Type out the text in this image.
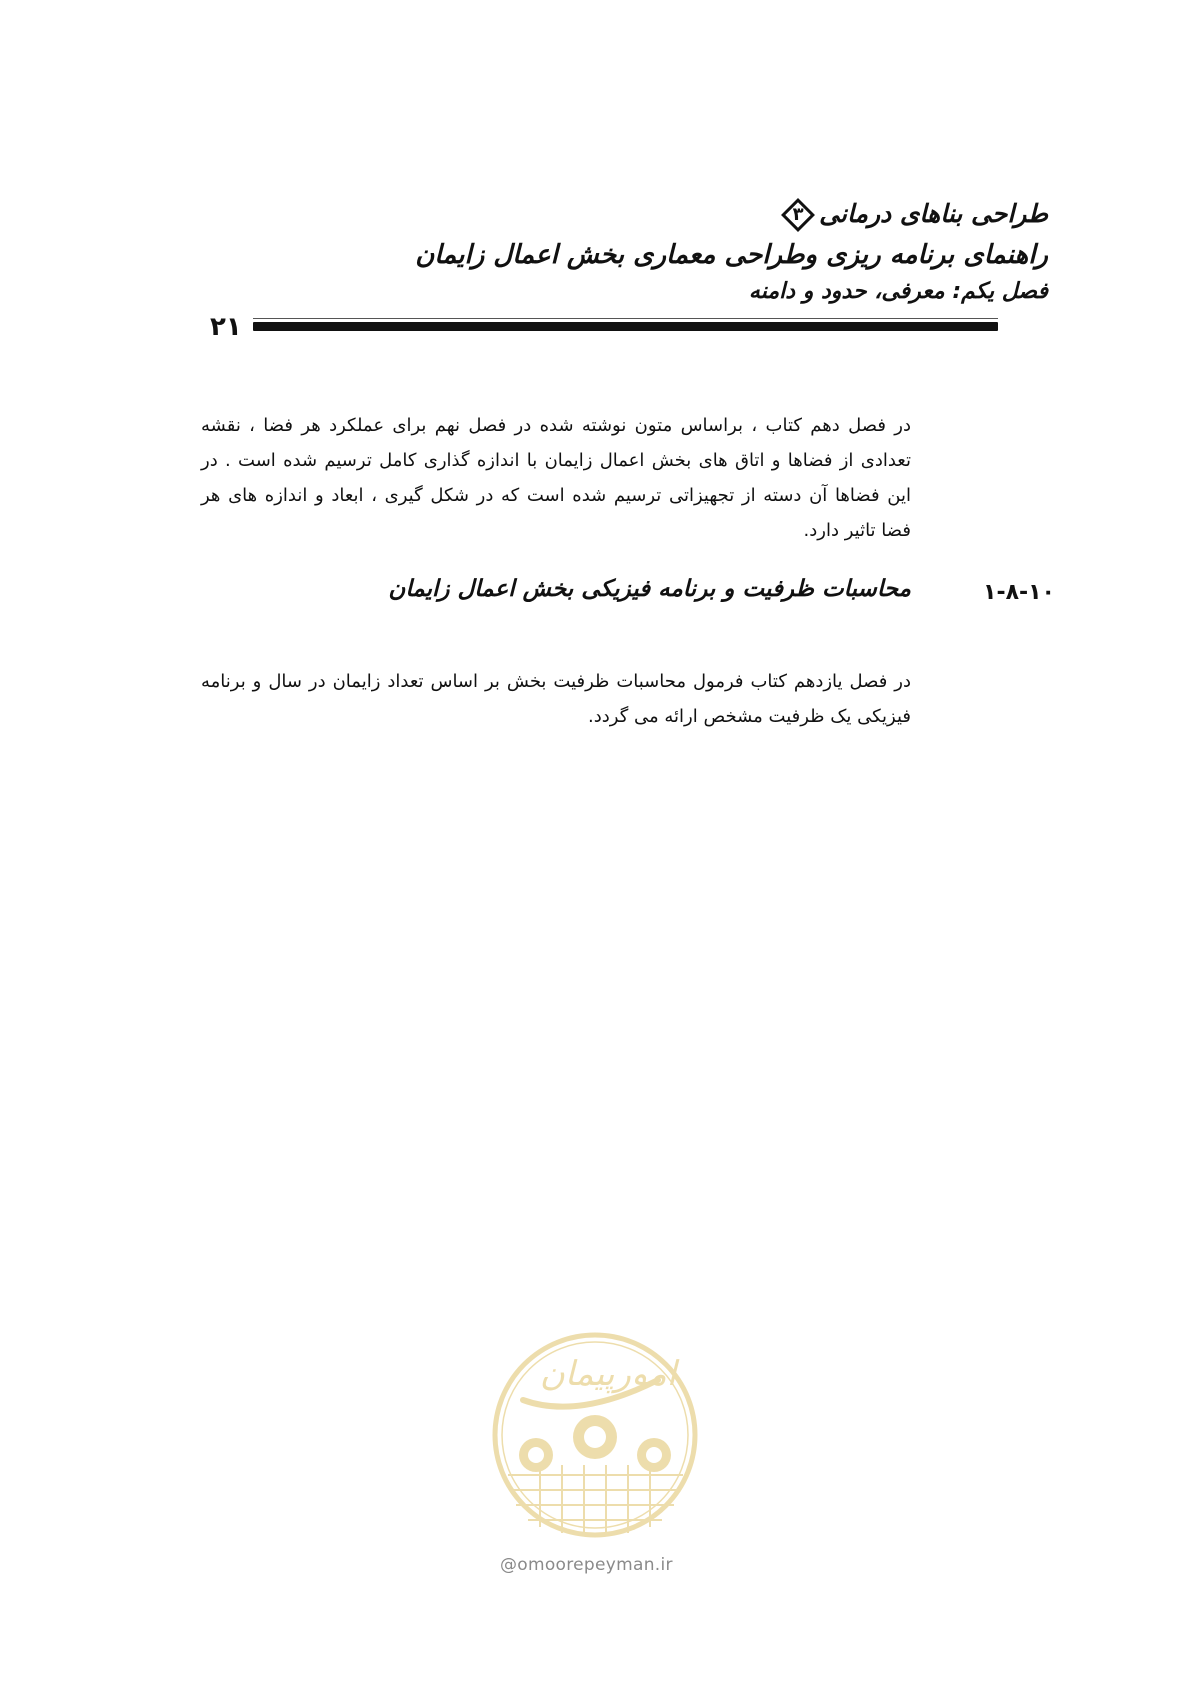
طراحی بناهای درمانی
۳
راهنمای برنامه ریزی وطراحی معماری بخش اعمال زایمان
فصل یکم: معرفی، حدود و دامنه
۲۱

در فصل دهم کتاب ، براساس متون نوشته شده در فصل نهم برای عملکرد هر فضا ، نقشه تعدادی از فضاها و اتاق های بخش اعمال زایمان با اندازه گذاری کامل ترسیم شده است . در این فضاها آن دسته از تجهیزاتی ترسیم شده است که در شکل گیری ، ابعاد و اندازه های هر فضا تاثیر دارد.

۱-۸-۱۰
محاسبات ظرفیت و برنامه فیزیکی بخش اعمال زایمان

در فصل یازدهم کتاب فرمول محاسبات ظرفیت بخش بر اساس تعداد زایمان در سال و برنامه فیزیکی یک ظرفیت مشخص ارائه می گردد.

امورپیمان
@omoorepeyman.ir
